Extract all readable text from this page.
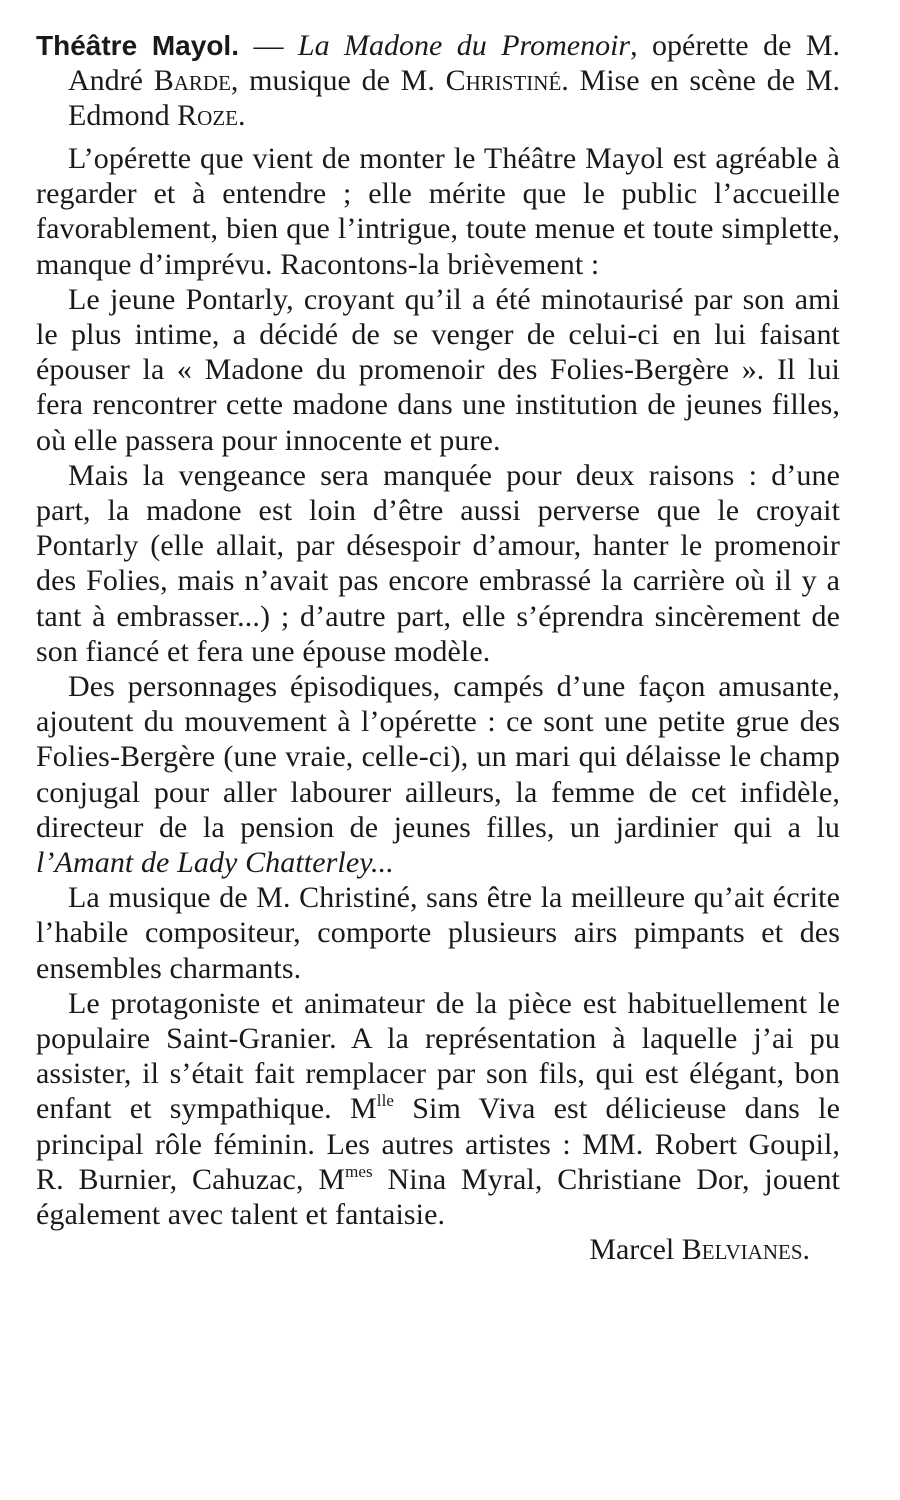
Théâtre Mayol. — La Madone du Promenoir, opérette de M. André Barde, musique de M. Christiné. Mise en scène de M. Edmond Roze.

L’opérette que vient de monter le Théâtre Mayol est agréable à regarder et à entendre ; elle mérite que le public l’accueille favorablement, bien que l’intrigue, toute menue et toute simplette, manque d’imprévu. Racontons-la brièvement :

Le jeune Pontarly, croyant qu’il a été minotaurisé par son ami le plus intime, a décidé de se venger de celui-ci en lui faisant épouser la « Madone du promenoir des Folies-Bergère ». Il lui fera rencontrer cette madone dans une institution de jeunes filles, où elle passera pour innocente et pure.

Mais la vengeance sera manquée pour deux raisons : d’une part, la madone est loin d’être aussi perverse que le croyait Pontarly (elle allait, par désespoir d’amour, hanter le promenoir des Folies, mais n’avait pas encore embrassé la carrière où il y a tant à embrasser...) ; d’autre part, elle s’éprendra sincèrement de son fiancé et fera une épouse modèle.

Des personnages épisodiques, campés d’une façon amusante, ajoutent du mouvement à l’opérette : ce sont une petite grue des Folies-Bergère (une vraie, celle-ci), un mari qui délaisse le champ conjugal pour aller labourer ailleurs, la femme de cet infidèle, directeur de la pension de jeunes filles, un jardinier qui a lu l’Amant de Lady Chatterley...

La musique de M. Christiné, sans être la meilleure qu’ait écrite l’habile compositeur, comporte plusieurs airs pimpants et des ensembles charmants.

Le protagoniste et animateur de la pièce est habituellement le populaire Saint-Granier. A la représentation à laquelle j’ai pu assister, il s’était fait remplacer par son fils, qui est élégant, bon enfant et sympathique. $M^{lle}$ Sim Viva est délicieuse dans le principal rôle féminin. Les autres artistes : MM. Robert Goupil, R. Burnier, Cahuzac, $M^{mes}$ Nina Myral, Christiane Dor, jouent également avec talent et fantaisie.

Marcel Belvianes.
